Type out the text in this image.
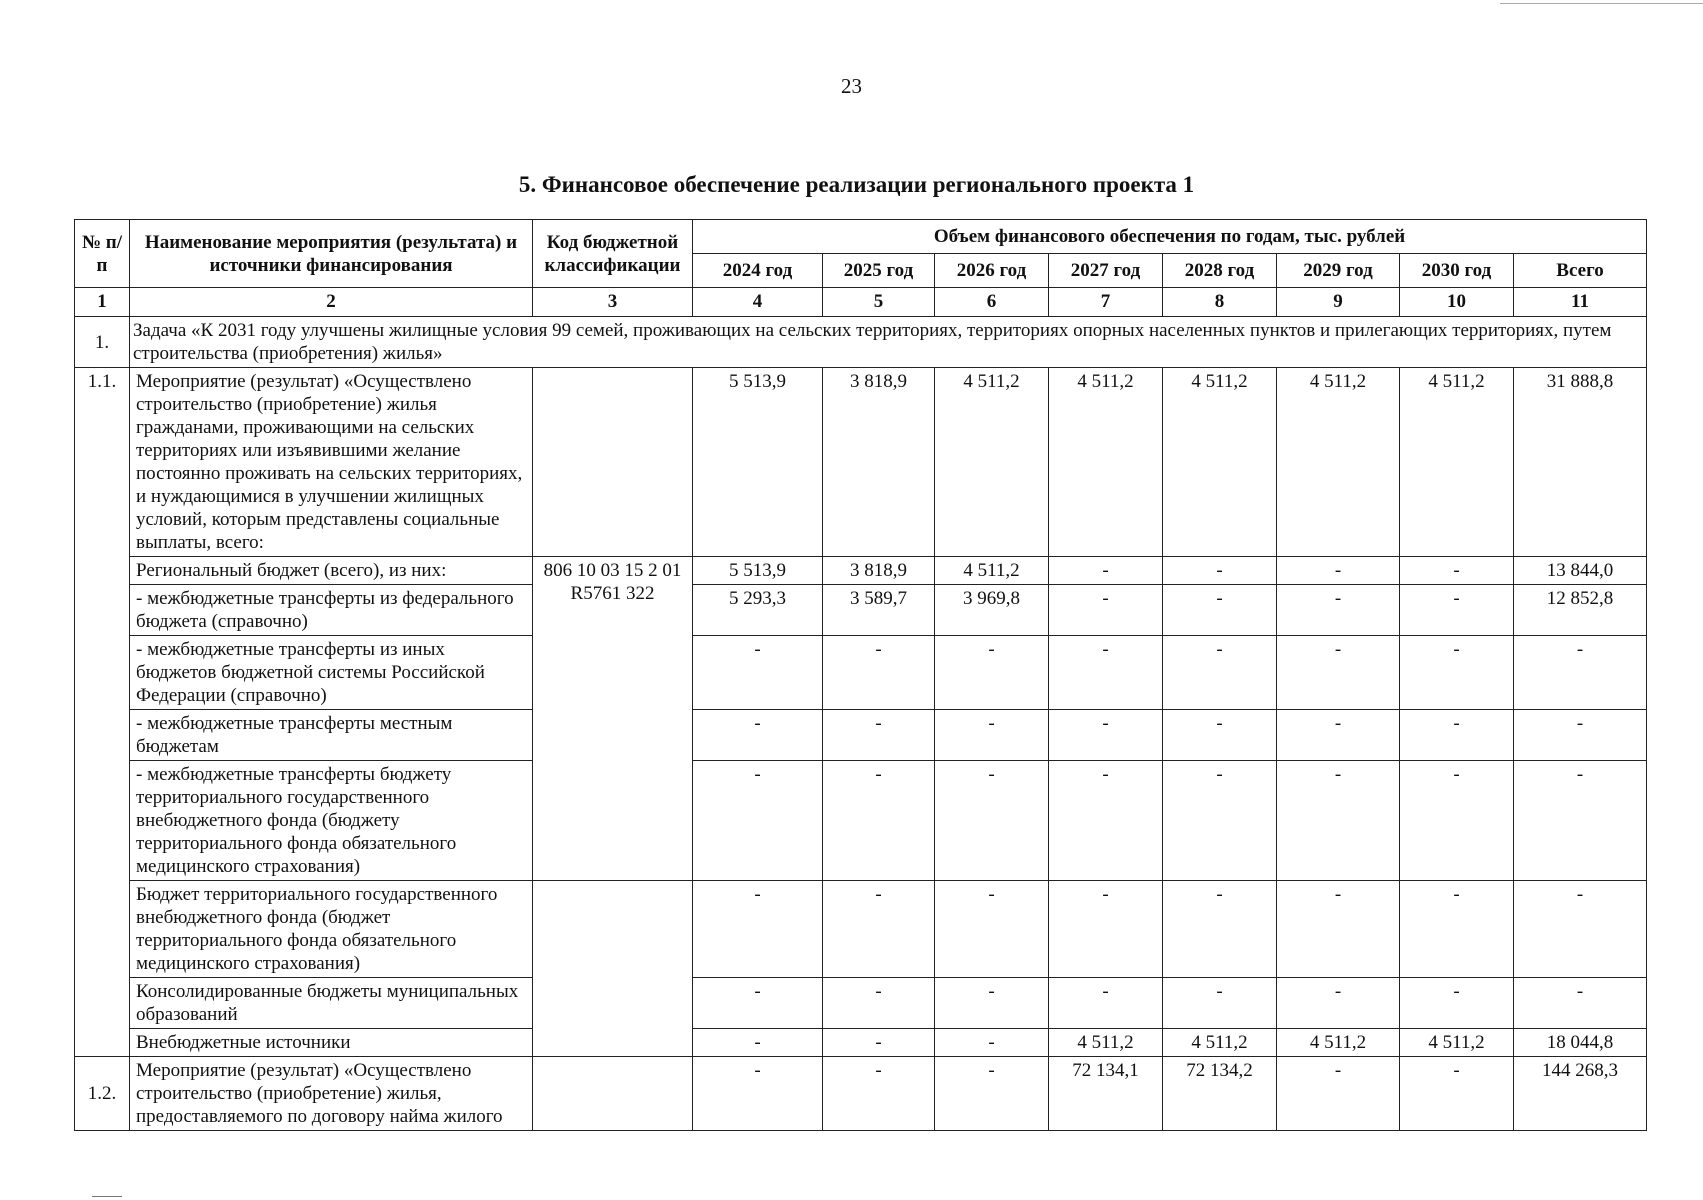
23
5. Финансовое обеспечение реализации регионального проекта 1
№ п/п	Наименование мероприятия (результата) и источники финансирования	Код бюджетной классификации	Объем финансового обеспечения по годам, тыс. рублей							
			2024 год	2025 год	2026 год	2027 год	2028 год	2029 год	2030 год	Всего
1	2	3	4	5	6	7	8	9	10	11
1.	Задача «К 2031 году улучшены жилищные условия 99 семей, проживающих на сельских территориях, территориях опорных населенных пунктов и прилегающих территориях, путем строительства (приобретения) жилья»									
1.1.	Мероприятие (результат) «Осуществлено строительство (приобретение) жилья гражданами, проживающими на сельских территориях или изъявившими желание постоянно проживать на сельских территориях, и нуждающимися в улучшении жилищных условий, которым представлены социальные выплаты, всего:		5 513,9	3 818,9	4 511,2	4 511,2	4 511,2	4 511,2	4 511,2	31 888,8
	Региональный бюджет (всего), из них:	806 10 03 15 2 01 R5761 322	5 513,9	3 818,9	4 511,2	-	-	-	-	13 844,0
	- межбюджетные трансферты из федерального бюджета (справочно)		5 293,3	3 589,7	3 969,8	-	-	-	-	12 852,8
	- межбюджетные трансферты из иных бюджетов бюджетной системы Российской Федерации (справочно)		-	-	-	-	-	-	-	-
	- межбюджетные трансферты местным бюджетам		-	-	-	-	-	-	-	-
	- межбюджетные трансферты бюджету территориального государственного внебюджетного фонда (бюджету территориального фонда обязательного медицинского страхования)		-	-	-	-	-	-	-	-
	Бюджет территориального государственного внебюджетного фонда (бюджет территориального фонда обязательного медицинского страхования)		-	-	-	-	-	-	-	-
	Консолидированные бюджеты муниципальных образований		-	-	-	-	-	-	-	-
	Внебюджетные источники		-	-	-	4 511,2	4 511,2	4 511,2	4 511,2	18 044,8
1.2.	Мероприятие (результат) «Осуществлено строительство (приобретение) жилья, предоставляемого по договору найма жилого		-	-	-	72 134,1	72 134,2	-	-	144 268,3
